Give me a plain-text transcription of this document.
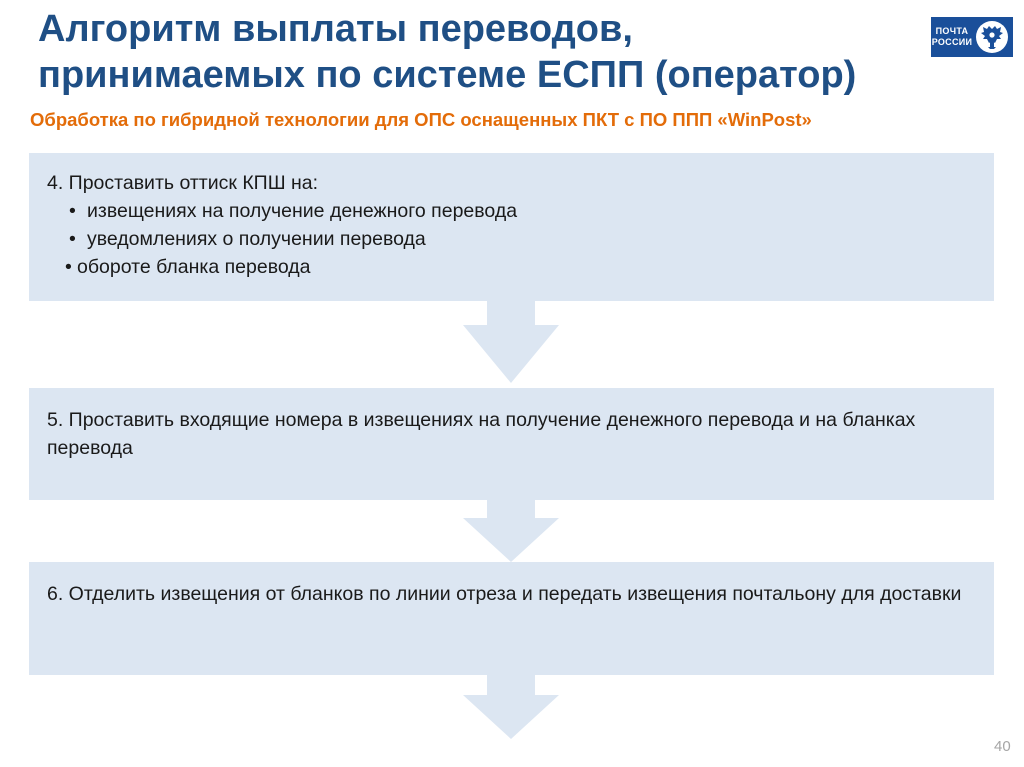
Алгоритм выплаты переводов,
принимаемых по системе ЕСПП (оператор)
ПОЧТА
РОССИИ
Обработка по гибридной технологии для ОПС оснащенных ПКТ с ПО ППП «WinPost»
4. Проставить оттиск КПШ на:
• извещениях на получение денежного перевода
• уведомлениях о получении перевода
• обороте бланка перевода
5. Проставить входящие номера в извещениях на получение денежного перевода и на бланках перевода
6. Отделить извещения от бланков по линии отреза и передать извещения почтальону для доставки
40
